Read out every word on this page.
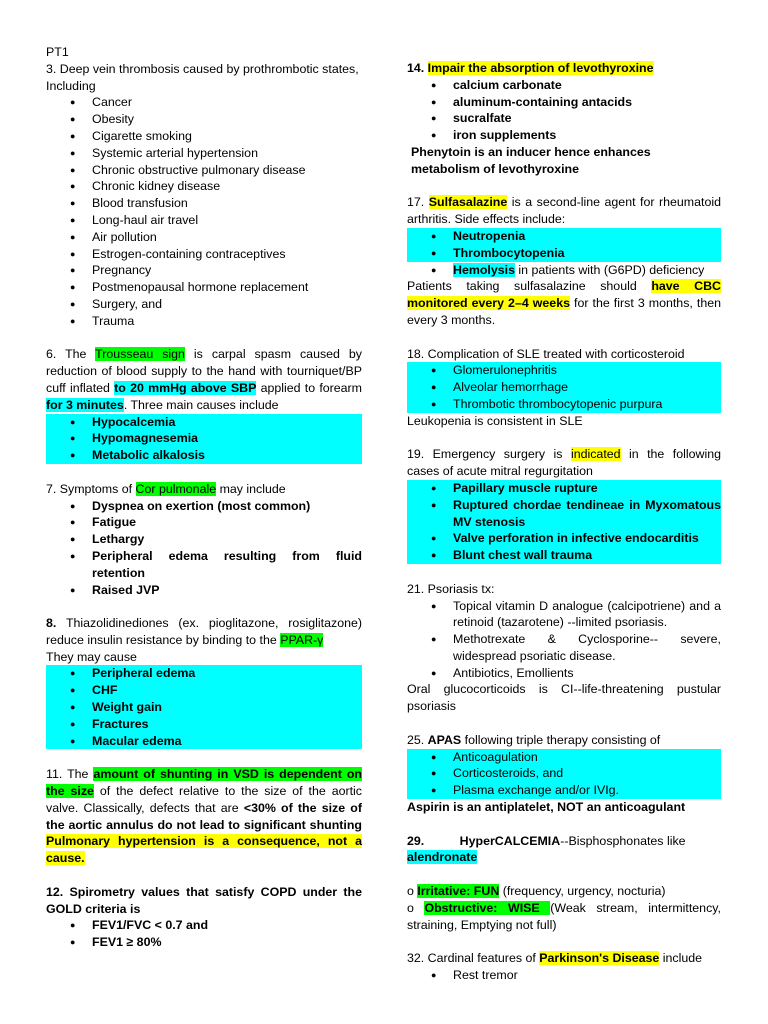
PT1

3. Deep vein thrombosis caused by prothrombotic states,

Including

● Cancer
● Obesity
● Cigarette smoking
● Systemic arterial hypertension
● Chronic obstructive pulmonary disease
● Chronic kidney disease
● Blood transfusion
● Long-haul air travel
● Air pollution
● Estrogen-containing contraceptives
● Pregnancy
● Postmenopausal hormone replacement
● Surgery, and
● Trauma

6. The Trousseau sign is carpal spasm caused by reduction of blood supply to the hand with tourniquet/BP cuff inflated to 20 mmHg above SBP applied to forearm for 3 minutes. Three main causes include

● Hypocalcemia
● Hypomagnesemia
● Metabolic alkalosis

7. Symptoms of Cor pulmonale may include

● Dyspnea on exertion (most common)
● Fatigue
● Lethargy
● Peripheral edema resulting from fluid retention
● Raised JVP

8. Thiazolidinediones (ex. pioglitazone, rosiglitazone) reduce insulin resistance by binding to the PPAR-γ

They may cause

● Peripheral edema
● CHF
● Weight gain
● Fractures
● Macular edema

11. The amount of shunting in VSD is dependent on the size of the defect relative to the size of the aortic valve. Classically, defects that are <30% of the size of the aortic annulus do not lead to significant shunting Pulmonary hypertension is a consequence, not a cause.

12. Spirometry values that satisfy COPD under the GOLD criteria is

● FEV1/FVC < 0.7 and
● FEV1 ≥ 80%

14. Impair the absorption of levothyroxine

● calcium carbonate
● aluminum-containing antacids
● sucralfate
● iron supplements

Phenytoin is an inducer hence enhances metabolism of levothyroxine

17. Sulfasalazine is a second-line agent for rheumatoid arthritis. Side effects include:

● Neutropenia
● Thrombocytopenia
● Hemolysis in patients with (G6PD) deficiency

Patients taking sulfasalazine should have CBC monitored every 2–4 weeks for the first 3 months, then every 3 months.

18. Complication of SLE treated with corticosteroid

● Glomerulonephritis
● Alveolar hemorrhage
● Thrombotic thrombocytopenic purpura

Leukopenia is consistent in SLE

19. Emergency surgery is indicated in the following cases of acute mitral regurgitation

● Papillary muscle rupture
● Ruptured chordae tendineae in Myxomatous MV stenosis
● Valve perforation in infective endocarditis
● Blunt chest wall trauma

21. Psoriasis tx:

● Topical vitamin D analogue (calcipotriene) and a retinoid (tazarotene) --limited psoriasis.
● Methotrexate & Cyclosporine-- severe, widespread psoriatic disease.
● Antibiotics, Emollients

Oral glucocorticoids is CI--life-threatening pustular psoriasis

25. APAS following triple therapy consisting of

● Anticoagulation
● Corticosteroids, and
● Plasma exchange and/or IVIg.

Aspirin is an antiplatelet, NOT an anticoagulant

29.	HyperCALCEMIA--Bisphosphonates like

alendronate

o Irritative: FUN (frequency, urgency, nocturia)

o Obstructive: WISE (Weak stream, intermittency, straining, Emptying not full)

32. Cardinal features of Parkinson's Disease include

● Rest tremor
